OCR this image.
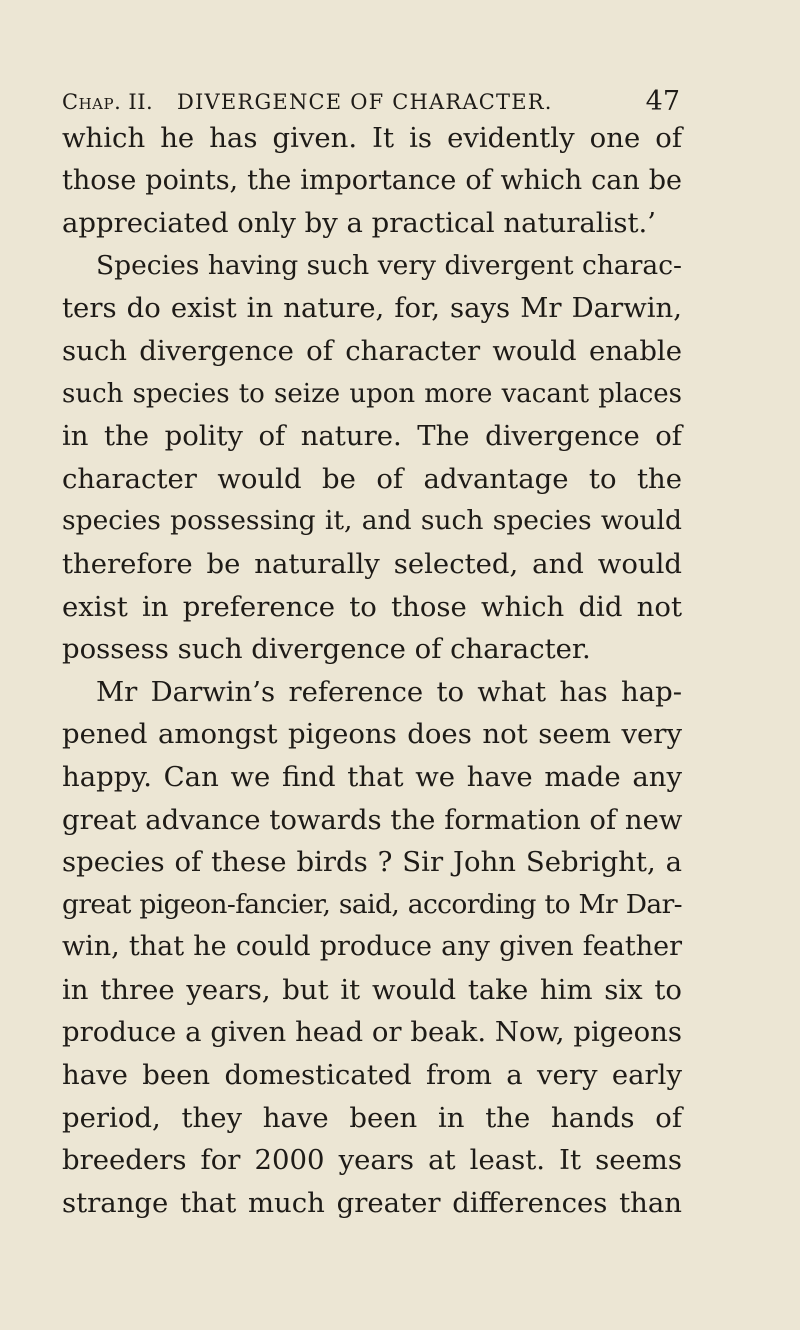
Chap. II. DIVERGENCE OF CHARACTER.	47
which he has given. It is evidently one of
those points, the importance of which can be
appreciated only by a practical naturalist.’
Species having such very divergent charac-
ters do exist in nature, for, says Mr Darwin,
such divergence of character would enable
such species to seize upon more vacant places
in the polity of nature. The divergence of
character would be of advantage to the
species possessing it, and such species would
therefore be naturally selected, and would
exist in preference to those which did not
possess such divergence of character.
Mr Darwin’s reference to what has hap-
pened amongst pigeons does not seem very
happy. Can we find that we have made any
great advance towards the formation of new
species of these birds ? Sir John Sebright, a
great pigeon-fancier, said, according to Mr Dar-
win, that he could produce any given feather
in three years, but it would take him six to
produce a given head or beak. Now, pigeons
have been domesticated from a very early
period, they have been in the hands of
breeders for 2000 years at least. It seems
strange that much greater differences than
